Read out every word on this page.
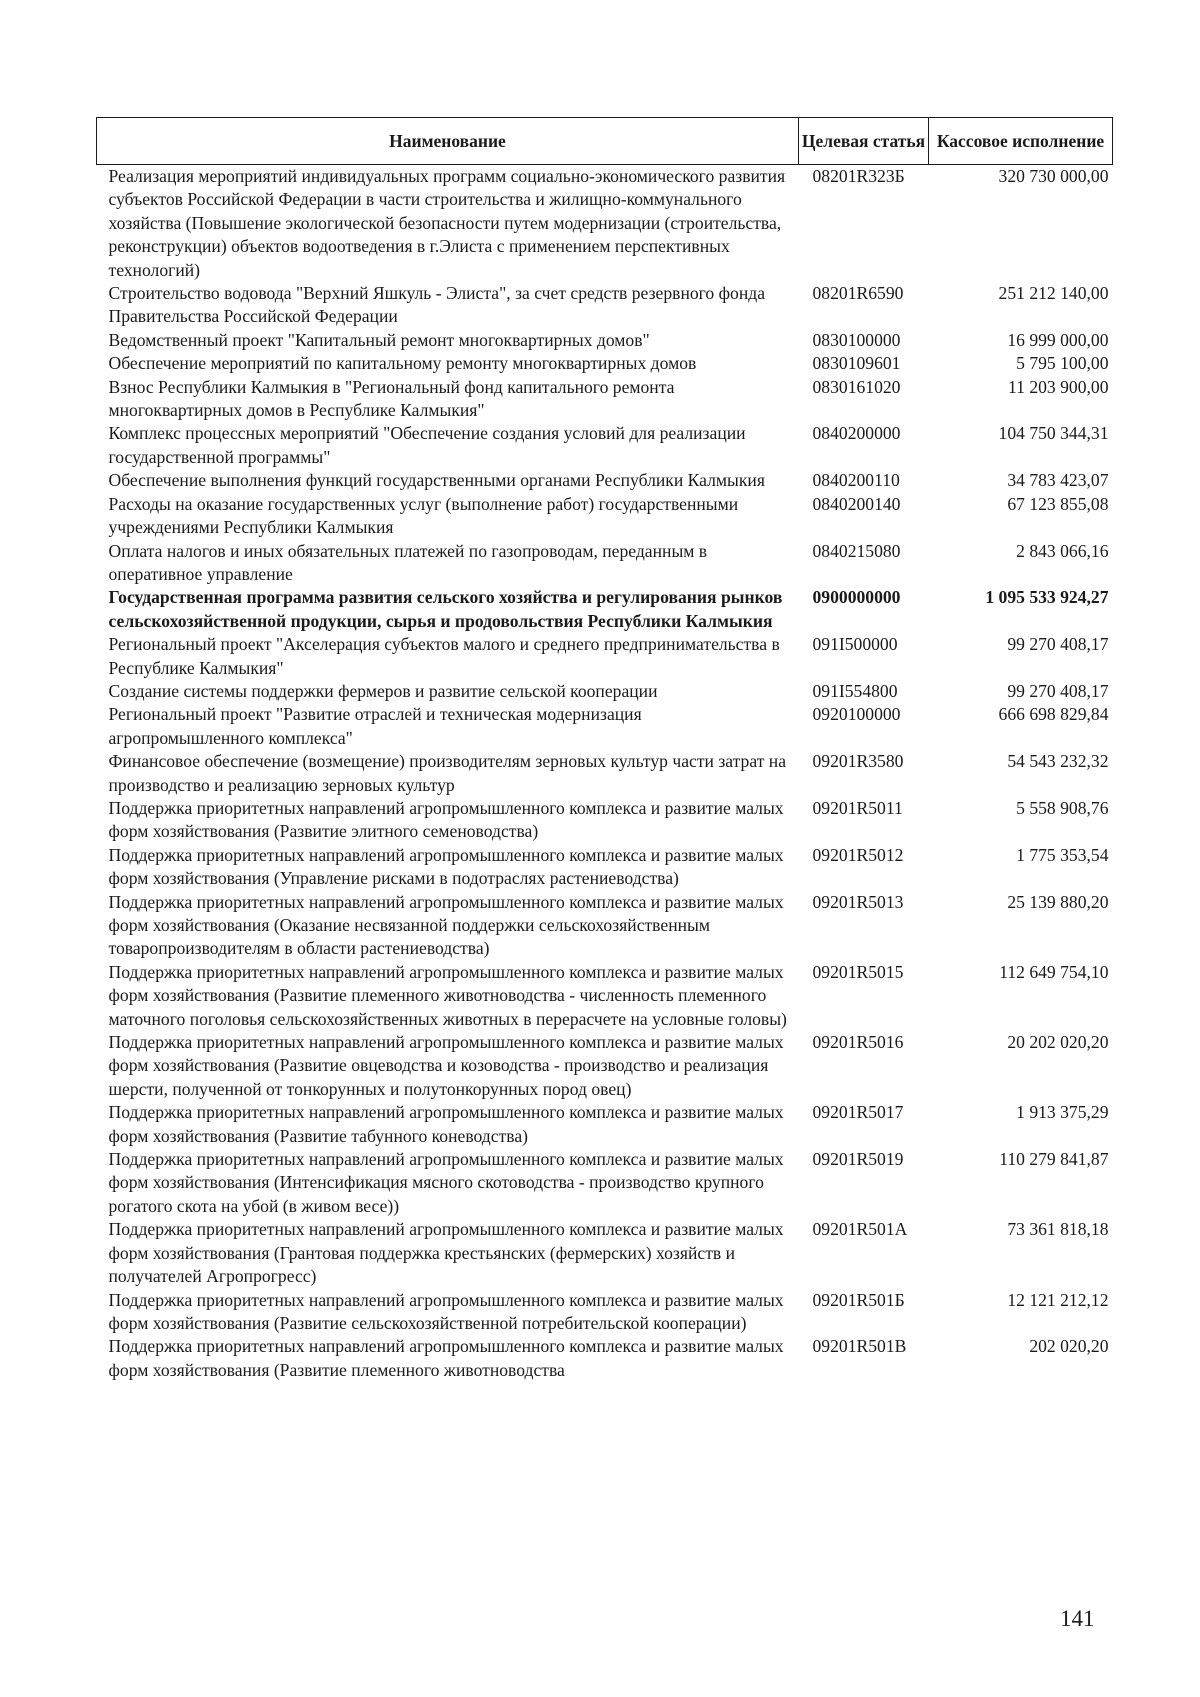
Наименование	Целевая статья	Кассовое исполнение
Реализация мероприятий индивидуальных программ социально-экономического развития субъектов Российской Федерации в части строительства и жилищно-коммунального хозяйства (Повышение экологической безопасности путем модернизации (строительства, реконструкции) объектов водоотведения в г.Элиста с применением перспективных технологий)	08201R323Б	320 730 000,00
Строительство водовода "Верхний Яшкуль - Элиста", за счет средств резервного фонда Правительства Российской Федерации	08201R6590	251 212 140,00
Ведомственный проект "Капитальный ремонт многоквартирных домов"	0830100000	16 999 000,00
Обеспечение мероприятий по капитальному ремонту многоквартирных домов	0830109601	5 795 100,00
Взнос Республики Калмыкия в "Региональный фонд капитального ремонта многоквартирных домов в Республике Калмыкия"	0830161020	11 203 900,00
Комплекс процессных мероприятий "Обеспечение создания условий для реализации государственной программы"	0840200000	104 750 344,31
Обеспечение выполнения функций государственными органами Республики Калмыкия	0840200110	34 783 423,07
Расходы на оказание государственных услуг (выполнение работ) государственными учреждениями Республики Калмыкия	0840200140	67 123 855,08
Оплата налогов и иных обязательных платежей по газопроводам, переданным в оперативное управление	0840215080	2 843 066,16
Государственная программа развития сельского хозяйства и регулирования рынков сельскохозяйственной продукции, сырья и продовольствия Республики Калмыкия	0900000000	1 095 533 924,27
Региональный проект "Акселерация субъектов малого и среднего предпринимательства в Республике Калмыкия"	091I500000	99 270 408,17
Создание системы поддержки фермеров и развитие сельской кооперации	091I554800	99 270 408,17
Региональный проект "Развитие отраслей и техническая модернизация агропромышленного комплекса"	0920100000	666 698 829,84
Финансовое обеспечение (возмещение) производителям зерновых культур части затрат на производство и реализацию зерновых культур	09201R3580	54 543 232,32
Поддержка приоритетных направлений агропромышленного комплекса и развитие малых форм хозяйствования (Развитие элитного семеноводства)	09201R5011	5 558 908,76
Поддержка приоритетных направлений агропромышленного комплекса и развитие малых форм хозяйствования (Управление рисками в подотраслях растениеводства)	09201R5012	1 775 353,54
Поддержка приоритетных направлений агропромышленного комплекса и развитие малых форм хозяйствования (Оказание несвязанной поддержки сельскохозяйственным товаропроизводителям в области растениеводства)	09201R5013	25 139 880,20
Поддержка приоритетных направлений агропромышленного комплекса и развитие малых форм хозяйствования (Развитие племенного животноводства - численность племенного маточного поголовья сельскохозяйственных животных в перерасчете на условные головы)	09201R5015	112 649 754,10
Поддержка приоритетных направлений агропромышленного комплекса и развитие малых форм хозяйствования (Развитие овцеводства и козоводства - производство и реализация шерсти, полученной от тонкорунных и полутонкорунных пород овец)	09201R5016	20 202 020,20
Поддержка приоритетных направлений агропромышленного комплекса и развитие малых форм хозяйствования (Развитие табунного коневодства)	09201R5017	1 913 375,29
Поддержка приоритетных направлений агропромышленного комплекса и развитие малых форм хозяйствования (Интенсификация мясного скотоводства - производство крупного рогатого скота на убой (в живом весе))	09201R5019	110 279 841,87
Поддержка приоритетных направлений агропромышленного комплекса и развитие малых форм хозяйствования (Грантовая поддержка крестьянских (фермерских) хозяйств и получателей Агропрогресс)	09201R501A	73 361 818,18
Поддержка приоритетных направлений агропромышленного комплекса и развитие малых форм хозяйствования (Развитие сельскохозяйственной потребительской кооперации)	09201R501Б	12 121 212,12
Поддержка приоритетных направлений агропромышленного комплекса и развитие малых форм хозяйствования (Развитие племенного животноводства	09201R501В	202 020,20
141
